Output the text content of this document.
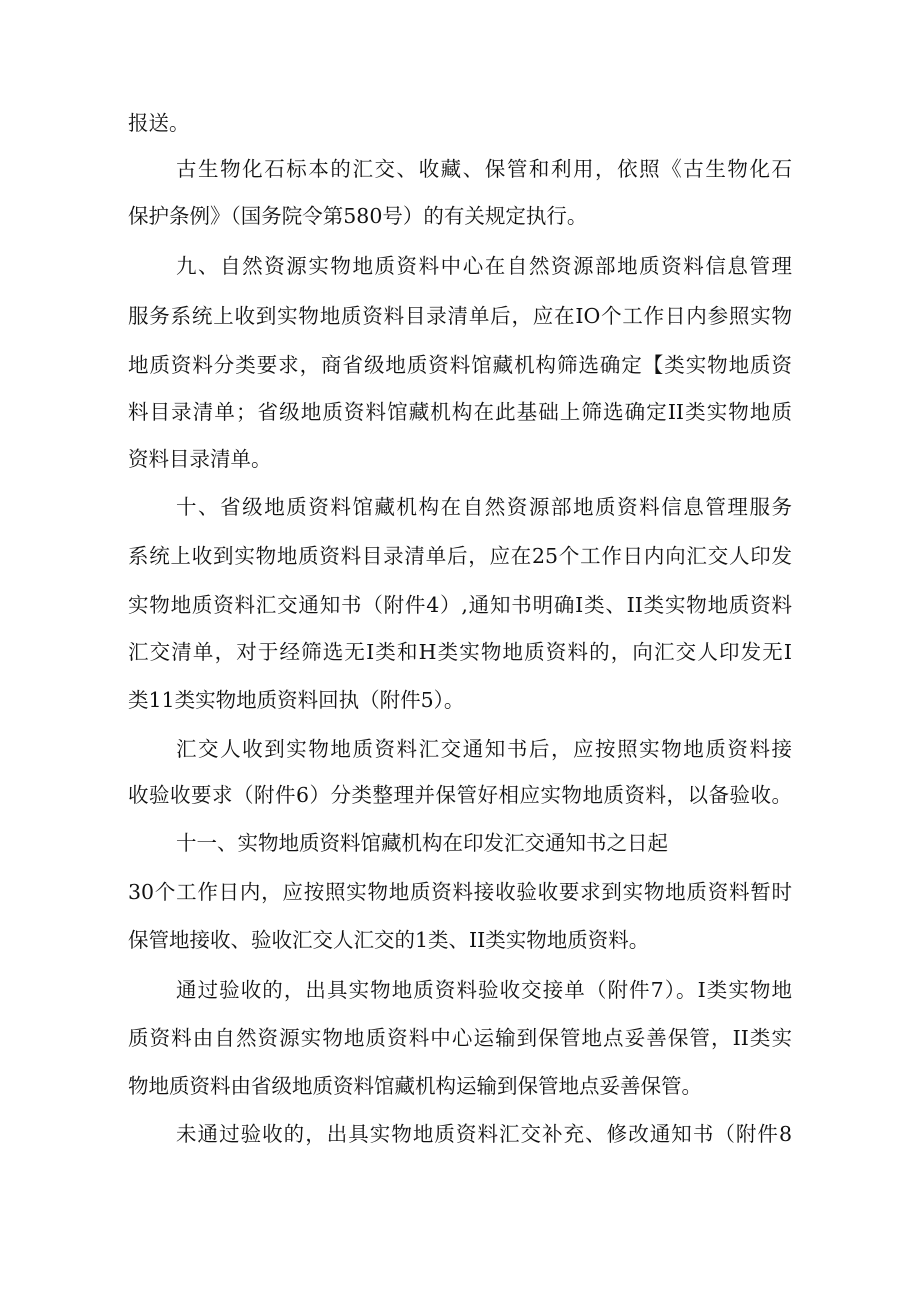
报送。
古生物化石标本的汇交、收藏、保管和利用，依照《古生物化石
保护条例》（国务院令第580号）的有关规定执行。
九、自然资源实物地质资料中心在自然资源部地质资料信息管理
服务系统上收到实物地质资料目录清单后，应在IO个工作日内参照实物
地质资料分类要求，商省级地质资料馆藏机构筛选确定【类实物地质资
料目录清单；省级地质资料馆藏机构在此基础上筛选确定II类实物地质
资料目录清单。
十、省级地质资料馆藏机构在自然资源部地质资料信息管理服务
系统上收到实物地质资料目录清单后，应在25个工作日内向汇交人印发
实物地质资料汇交通知书（附件4）,通知书明确I类、II类实物地质资料
汇交清单，对于经筛选无I类和H类实物地质资料的，向汇交人印发无I
类11类实物地质资料回执（附件5）。
汇交人收到实物地质资料汇交通知书后，应按照实物地质资料接
收验收要求（附件6）分类整理并保管好相应实物地质资料，以备验收。
十一、实物地质资料馆藏机构在印发汇交通知书之日起
30个工作日内，应按照实物地质资料接收验收要求到实物地质资料暂时
保管地接收、验收汇交人汇交的1类、II类实物地质资料。
通过验收的，出具实物地质资料验收交接单（附件7）。I类实物地
质资料由自然资源实物地质资料中心运输到保管地点妥善保管，II类实
物地质资料由省级地质资料馆藏机构运输到保管地点妥善保管。
未通过验收的，出具实物地质资料汇交补充、修改通知书（附件8
